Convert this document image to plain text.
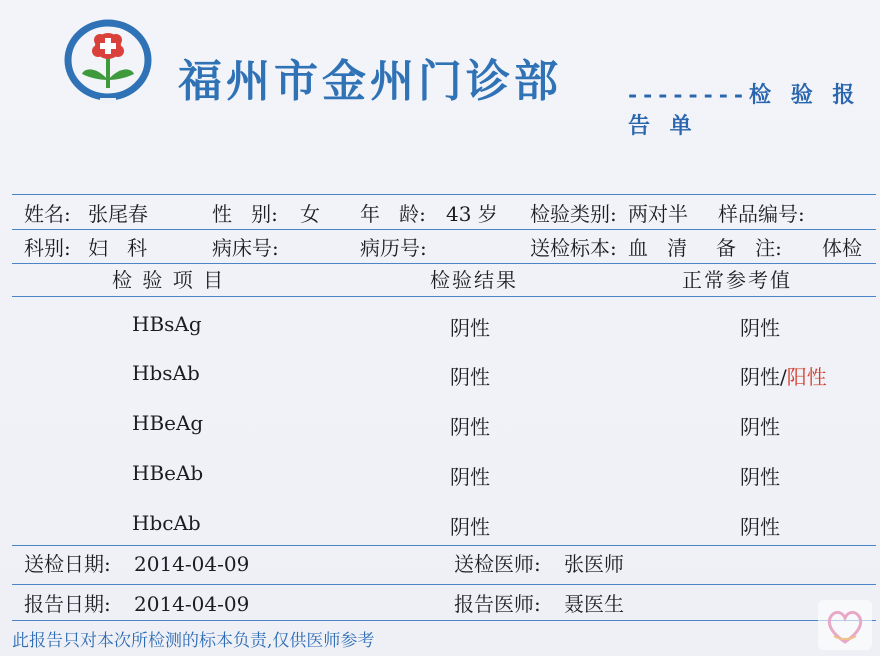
福州市金州门诊部	--------检 验 报 告 单
姓名: 张尾春	性   别: 女 年   龄: 43 岁 检验类别: 两对半 样品编号:
科别: 妇   科	病床号:	病历号:	送检标本: 血   清 备   注: 体检
检 验 项 目	检验结果	正常参考值
HBsAg	阴性	阴性
HbsAb	阴性	阴性/阳性
HBeAg	阴性	阴性
HBeAb	阴性	阴性
HbcAb	阴性	阴性
送检日期: 2014-04-09	送检医师: 张医师
报告日期: 2014-04-09	报告医师: 聂医生
此报告只对本次所检测的标本负责,仅供医师参考
